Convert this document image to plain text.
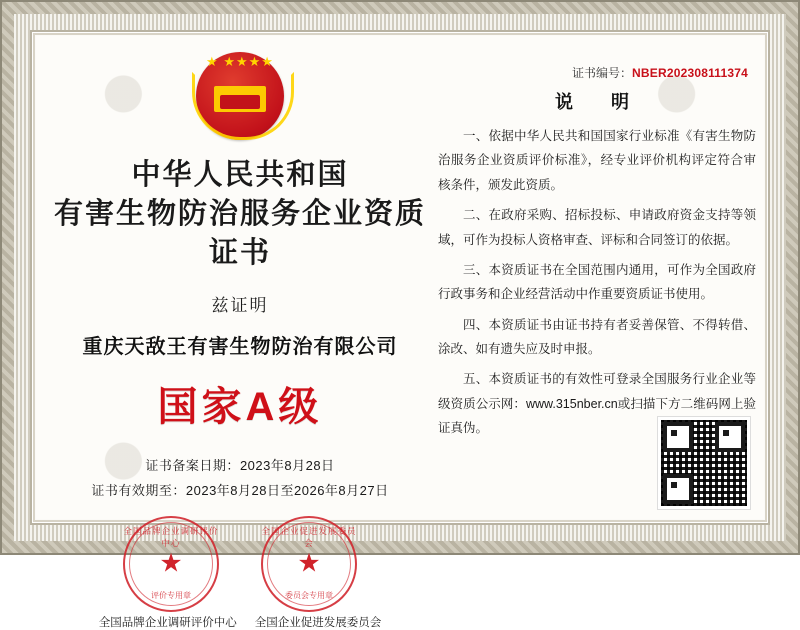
证书编号：NBER202308111374
★ ★★★★
中华人民共和国
有害生物防治服务企业资质证书
兹证明
重庆天敌王有害生物防治有限公司
国家A级
证书备案日期： 2023年8月28日
证书有效期至： 2023年8月28日至2026年8月27日
全国品牌企业调研评价中心
★
评价专用章
全国企业促进发展委员会
★
委员会专用章
全国品牌企业调研评价中心 全国企业促进发展委员会
说　明
一、依据中华人民共和国国家行业标准《有害生物防治服务企业资质评价标准》，经专业评价机构评定符合审核条件，颁发此资质。
二、在政府采购、招标投标、申请政府资金支持等领域，可作为投标人资格审查、评标和合同签订的依据。
三、本资质证书在全国范围内通用，可作为全国政府行政事务和企业经营活动中作重要资质证书使用。
四、本资质证书由证书持有者妥善保管、不得转借、涂改、如有遗失应及时申报。
五、本资质证书的有效性可登录全国服务行业企业等级资质公示网：www.315nber.cn或扫描下方二维码网上验证真伪。
